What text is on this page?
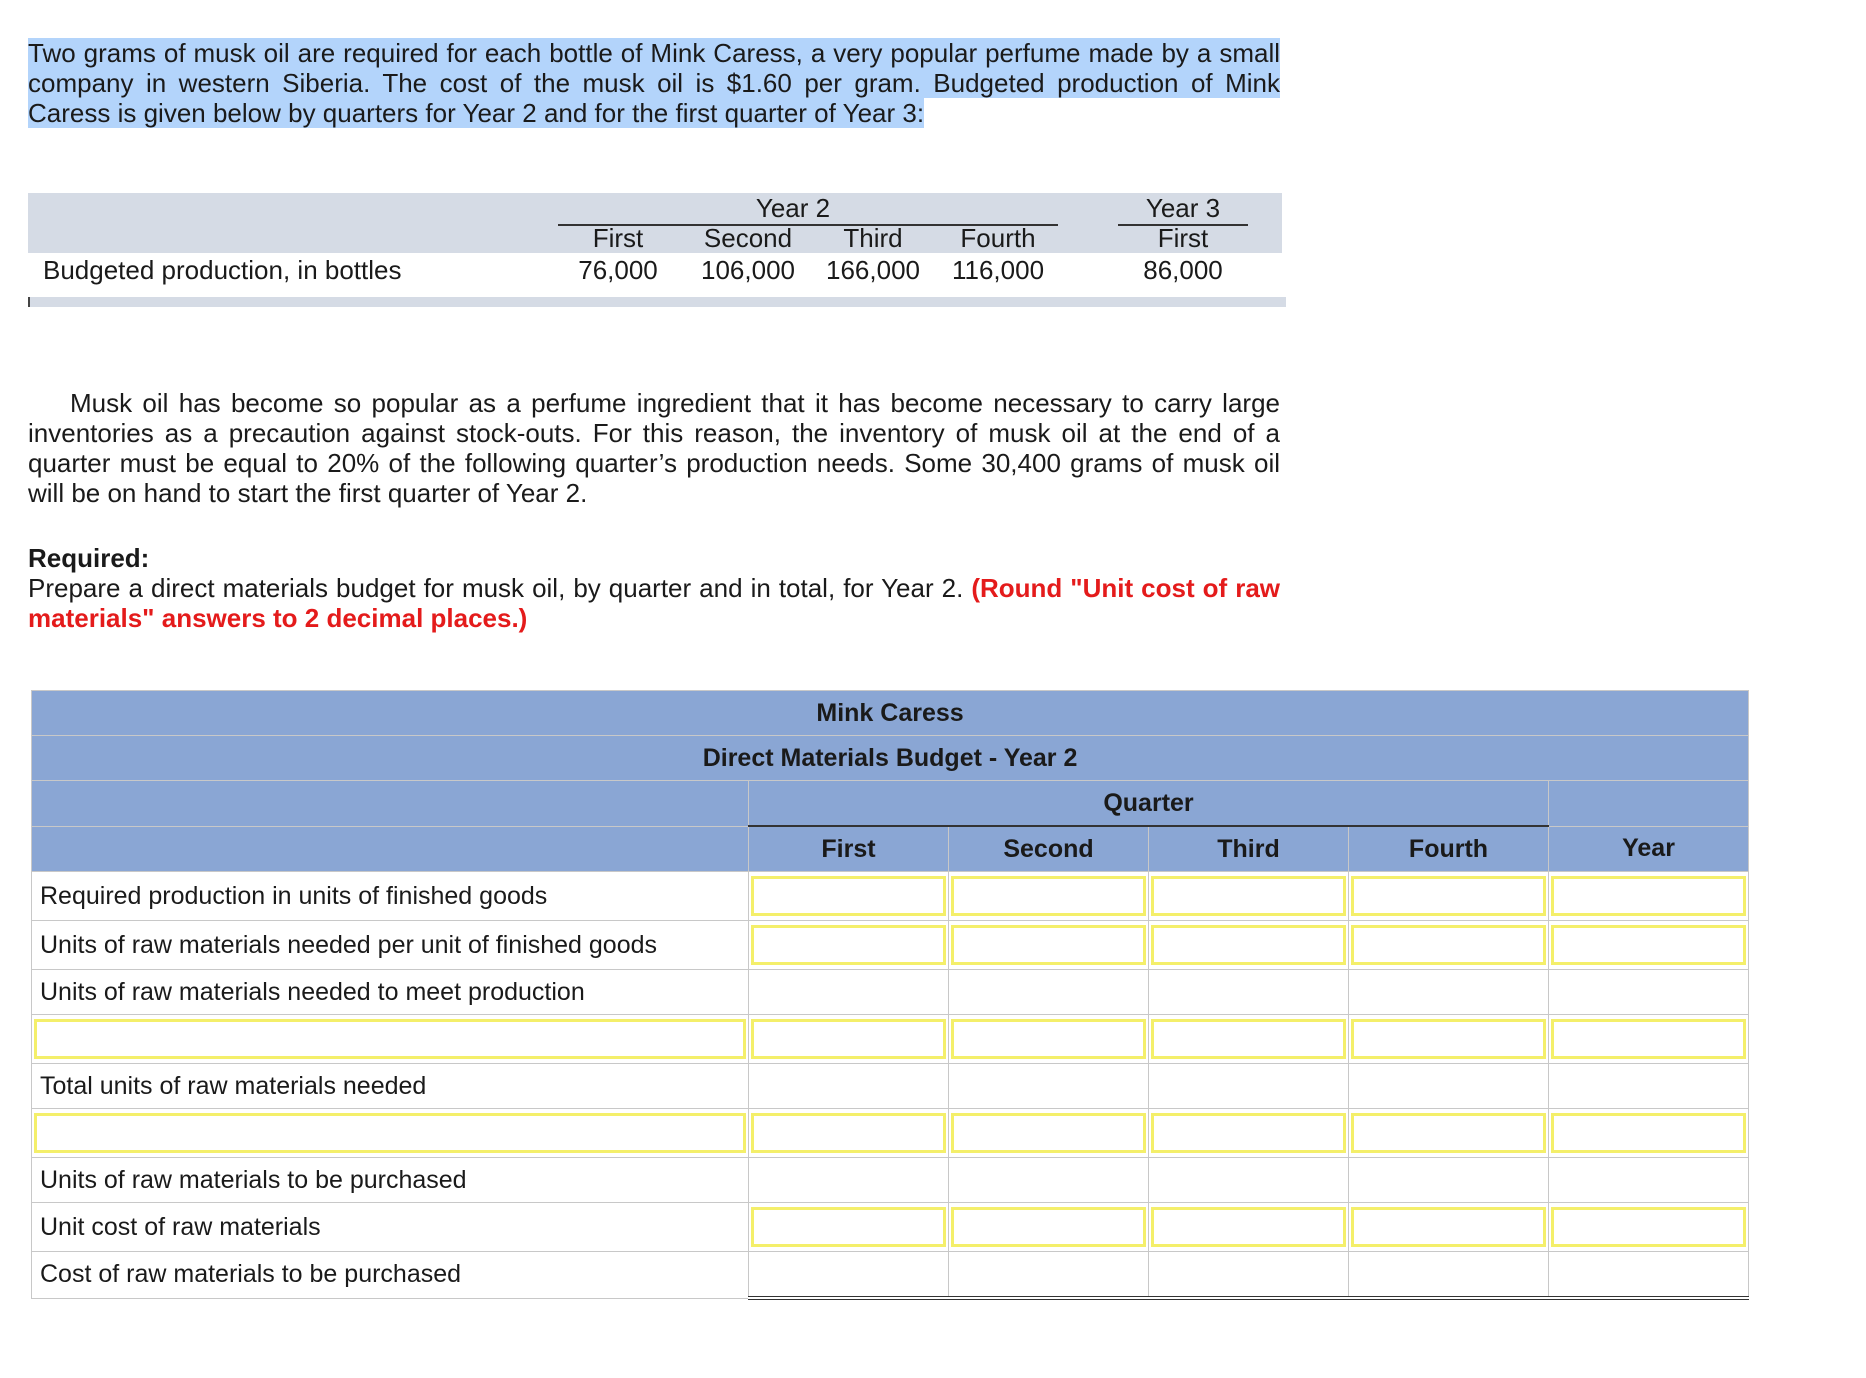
Two grams of musk oil are required for each bottle of Mink Caress, a very popular perfume made by a small company in western Siberia. The cost of the musk oil is $1.60 per gram. Budgeted production of Mink Caress is given below by quarters for Year 2 and for the first quarter of Year 3:
Year 2	Year 3
First	Second	Third	Fourth	First
Budgeted production, in bottles	76,000	106,000	166,000	116,000	86,000
Musk oil has become so popular as a perfume ingredient that it has become necessary to carry large inventories as a precaution against stock-outs. For this reason, the inventory of musk oil at the end of a quarter must be equal to 20% of the following quarter’s production needs. Some 30,400 grams of musk oil will be on hand to start the first quarter of Year 2.
Required:
Prepare a direct materials budget for musk oil, by quarter and in total, for Year 2. (Round "Unit cost of raw materials" answers to 2 decimal places.)
Mink Caress					
Direct Materials Budget - Year 2					
	Quarter				
	First	Second	Third	Fourth	Year
Required production in units of finished goods	

Units of raw materials needed per unit of finished goods	

Units of raw materials needed to meet production					

Total units of raw materials needed					

Units of raw materials to be purchased					
Unit cost of raw materials	

Cost of raw materials to be purchased					
